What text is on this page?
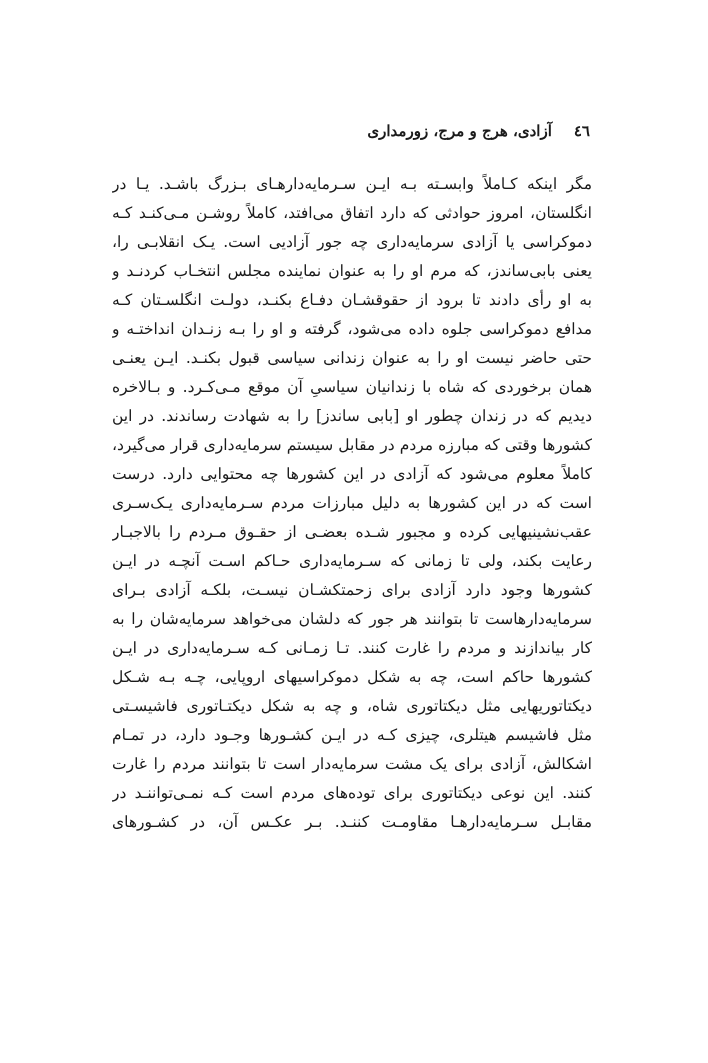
٤٦
آزادی، هرج و مرج، زورمداری
مگر اینکه کـاملاً وابسـته بـه ایـن سـرمایه‌دارهـای بـزرگ باشـد. یـا در
انگلستان، امروز حوادثی که دارد اتفاق می‌افتد، کاملاً روشـن مـی‌کنـد کـه
دموکراسی یا آزادی سرمایه‌داری چه جور آزادیی است. یـک انقلابـی را،
یعنی بابی‌ساندز، که مرم او را به عنوان نماینده مجلس انتخـاب کردنـد و
به او رأی دادند تا برود از حقوقشـان دفـاع بکنـد، دولـت انگلسـتان کـه
مدافع دموکراسی جلوه داده می‌شود، گرفته و او را بـه زنـدان انداختـه و
حتی حاضر نیست او را به عنوان زندانی سیاسی قبول بکنـد. ایـن یعنـی
همان برخوردی که شاه با زندانیان سیاسیِ آن موقع مـی‌کـرد. و بـالاخره
دیدیم که در زندان چطور او [بابی ساندز] را به شهادت رساندند. در این
کشورها وقتی که مبارزه مردم در مقابل سیستم سرمایه‌داری قرار می‌گیرد،
کاملاً معلوم می‌شود که آزادی در این کشورها چه محتوایی دارد. درست
است که در این کشورها به دلیل مبارزات مردم سـرمایه‌داری یـک‌سـری
عقب‌نشینیهایی کرده و مجبور شـده بعضـی از حقـوق مـردم را بالاجبـار
رعایت بکند، ولی تا زمانی که سـرمایه‌داری حـاکم اسـت آنچـه در ایـن
کشورها وجود دارد آزادی برای زحمتکشـان نیسـت، بلکـه آزادی بـرای
سرمایه‌دارهاست تا بتوانند هر جور که دلشان می‌خواهد سرمایه‌شان را به
کار بیاندازند و مردم را غارت کنند. تـا زمـانی کـه سـرمایه‌داری در ایـن
کشورها حاکم است، چه به شکل دموکراسیهای اروپایی، چـه بـه شـکل
دیکتاتوریهایی مثل دیکتاتوری شاه، و چه به شکل دیکتـاتوری فاشیسـتی
مثل فاشیسم هیتلری، چیزی کـه در ایـن کشـورها وجـود دارد، در تمـام
اشکالش، آزادی برای یک مشت سرمایه‌دار است تا بتوانند مردم را غارت
کنند. این نوعی دیکتاتوری برای توده‌های مردم است کـه نمـی‌تواننـد در
مقابـل سـرمایه‌دارهـا مقاومـت کننـد. بـر عکـس آن، در کشـورهای
